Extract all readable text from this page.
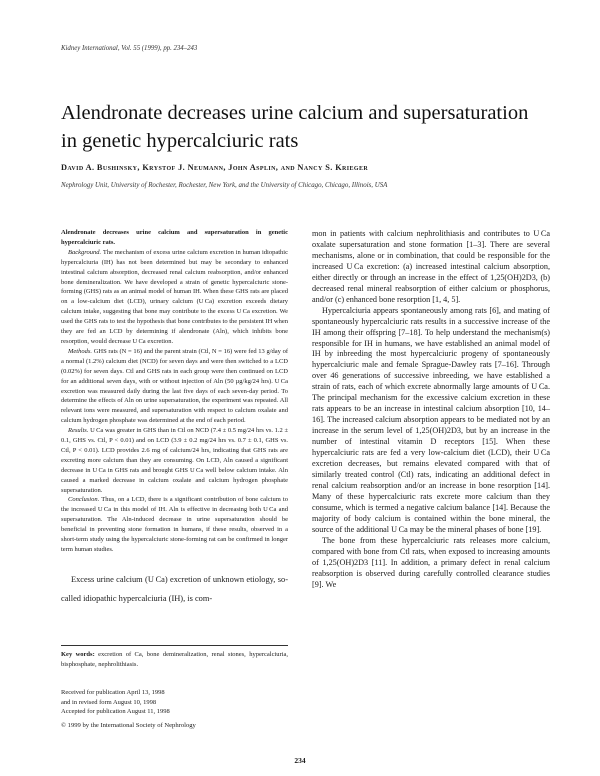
Kidney International, Vol. 55 (1999), pp. 234–243
Alendronate decreases urine calcium and supersaturation in genetic hypercalciuric rats
David A. Bushinsky, Krystof J. Neumann, John Asplin, and Nancy S. Krieger
Nephrology Unit, University of Rochester, Rochester, New York, and the University of Chicago, Chicago, Illinois, USA

Alendronate decreases urine calcium and supersaturation in genetic hypercalciuric rats.

Background. The mechanism of excess urine calcium excretion in human idiopathic hypercalciuria (IH) has not been determined but may be secondary to enhanced intestinal calcium absorption, decreased renal calcium reabsorption, and/or enhanced bone demineralization. We have developed a strain of genetic hypercalciuric stone-forming (GHS) rats as an animal model of human IH. When these GHS rats are placed on a low-calcium diet (LCD), urinary calcium (U Ca) excretion exceeds dietary calcium intake, suggesting that bone may contribute to the excess U Ca excretion. We used the GHS rats to test the hypothesis that bone contributes to the persistent IH when they are fed an LCD by determining if alendronate (Aln), which inhibits bone resorption, would decrease U Ca excretion.

Methods. GHS rats (N = 16) and the parent strain (Ctl, N = 16) were fed 13 g/day of a normal (1.2%) calcium diet (NCD) for seven days and were then switched to a LCD (0.02%) for seven days. Ctl and GHS rats in each group were then continued on LCD for an additional seven days, with or without injection of Aln (50 µg/kg/24 hrs). U Ca excretion was measured daily during the last five days of each seven-day period. To determine the effects of Aln on urine supersaturation, the experiment was repeated. All relevant ions were measured, and supersaturation with respect to calcium oxalate and calcium hydrogen phosphate was determined at the end of each period.

Results. U Ca was greater in GHS than in Ctl on NCD (7.4 ± 0.5 mg/24 hrs vs. 1.2 ± 0.1, GHS vs. Ctl, P < 0.01) and on LCD (3.9 ± 0.2 mg/24 hrs vs. 0.7 ± 0.1, GHS vs. Ctl, P < 0.01). LCD provides 2.6 mg of calcium/24 hrs, indicating that GHS rats are excreting more calcium than they are consuming. On LCD, Aln caused a significant decrease in U Ca in GHS rats and brought GHS U Ca well below calcium intake. Aln caused a marked decrease in calcium oxalate and calcium hydrogen phosphate supersaturation.

Conclusion. Thus, on a LCD, there is a significant contribution of bone calcium to the increased U Ca in this model of IH. Aln is effective in decreasing both U Ca and supersaturation. The Aln-induced decrease in urine supersaturation should be beneficial in preventing stone formation in humans, if these results, observed in a short-term study using the hypercalciuric stone-forming rat can be confirmed in longer term human studies.

Excess urine calcium (U Ca) excretion of unknown etiology, so-called idiopathic hypercalciuria (IH), is com-

Key words: excretion of Ca, bone demineralization, renal stones, hypercalciuria, bisphosphate, nephrolithiasis.

Received for publication April 13, 1998
and in revised form August 10, 1998
Accepted for publication August 11, 1998

© 1999 by the International Society of Nephrology

mon in patients with calcium nephrolithiasis and contributes to U Ca oxalate supersaturation and stone formation [1–3]. There are several mechanisms, alone or in combination, that could be responsible for the increased U Ca excretion: (a) increased intestinal calcium absorption, either directly or through an increase in the effect of 1,25(OH)2D3, (b) decreased renal mineral reabsorption of either calcium or phosphorus, and/or (c) enhanced bone resorption [1, 4, 5].

Hypercalciuria appears spontaneously among rats [6], and mating of spontaneously hypercalciuric rats results in a successive increase of the IH among their offspring [7–18]. To help understand the mechanism(s) responsible for IH in humans, we have established an animal model of IH by inbreeding the most hypercalciuric progeny of spontaneously hypercalciuric male and female Sprague-Dawley rats [7–16]. Through over 46 generations of successive inbreeding, we have established a strain of rats, each of which excrete abnormally large amounts of U Ca. The principal mechanism for the excessive calcium excretion in these rats appears to be an increase in intestinal calcium absorption [10, 14–16]. The increased calcium absorption appears to be mediated not by an increase in the serum level of 1,25(OH)2D3, but by an increase in the number of intestinal vitamin D receptors [15]. When these hypercalciuric rats are fed a very low-calcium diet (LCD), their U Ca excretion decreases, but remains elevated compared with that of similarly treated control (Ctl) rats, indicating an additional defect in renal calcium reabsorption and/or an increase in bone resorption [14]. Many of these hypercalciuric rats excrete more calcium than they consume, which is termed a negative calcium balance [14]. Because the majority of body calcium is contained within the bone mineral, the source of the additional U Ca may be the mineral phases of bone [19].

The bone from these hypercalciuric rats releases more calcium, compared with bone from Ctl rats, when exposed to increasing amounts of 1,25(OH)2D3 [11]. In addition, a primary defect in renal calcium reabsorption is observed during carefully controlled clearance studies [9]. We

234
